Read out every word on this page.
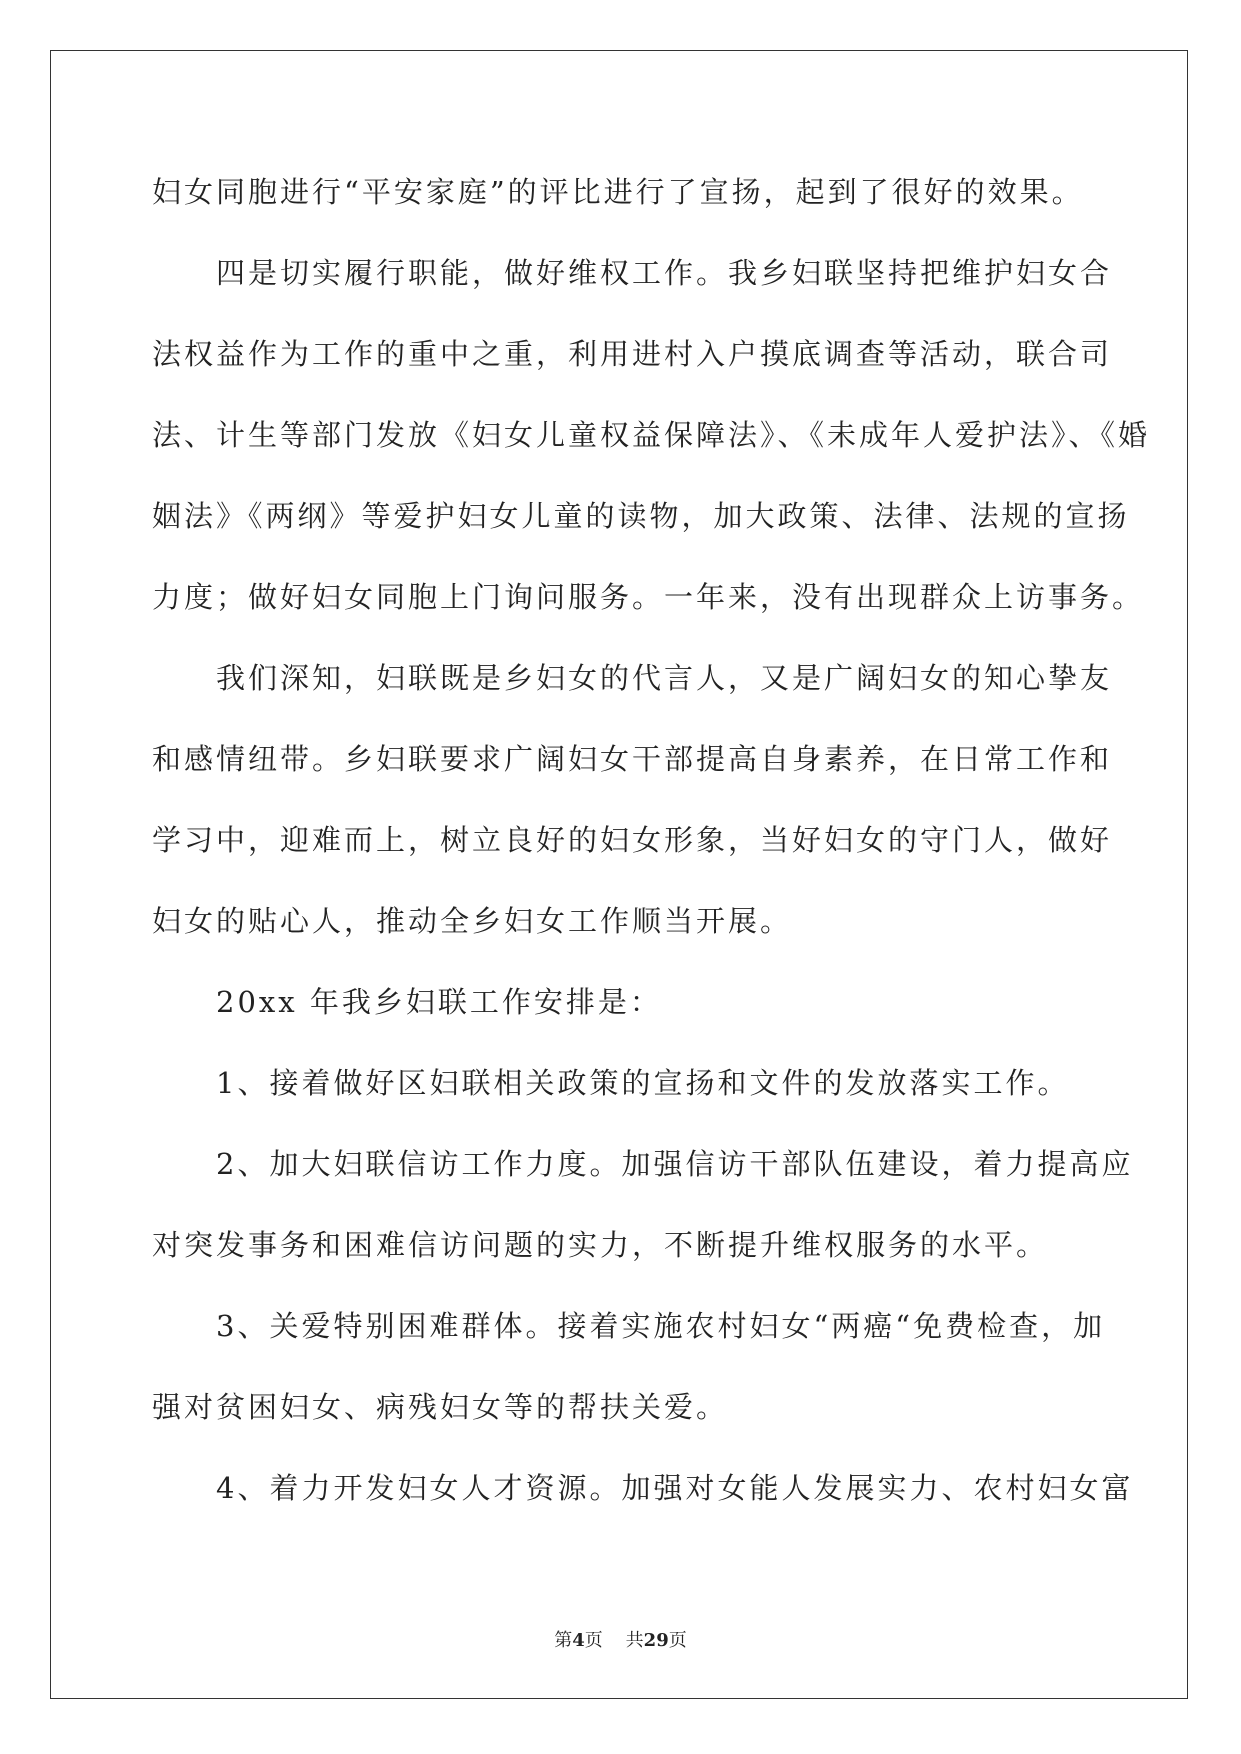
妇女同胞进行“平安家庭”的评比进行了宣扬，起到了很好的效果。
四是切实履行职能，做好维权工作。我乡妇联坚持把维护妇女合
法权益作为工作的重中之重，利用进村入户摸底调查等活动，联合司
法、计生等部门发放《妇女儿童权益保障法》、《未成年人爱护法》、《婚
姻法》《两纲》等爱护妇女儿童的读物，加大政策、法律、法规的宣扬
力度；做好妇女同胞上门询问服务。一年来，没有出现群众上访事务。
我们深知，妇联既是乡妇女的代言人，又是广阔妇女的知心挚友
和感情纽带。乡妇联要求广阔妇女干部提高自身素养，在日常工作和
学习中，迎难而上，树立良好的妇女形象，当好妇女的守门人，做好
妇女的贴心人，推动全乡妇女工作顺当开展。
20xx 年我乡妇联工作安排是：
1、接着做好区妇联相关政策的宣扬和文件的发放落实工作。
2、加大妇联信访工作力度。加强信访干部队伍建设，着力提高应
对突发事务和困难信访问题的实力，不断提升维权服务的水平。
3、关爱特别困难群体。接着实施农村妇女“两癌“免费检查，加
强对贫困妇女、病残妇女等的帮扶关爱。
4、着力开发妇女人才资源。加强对女能人发展实力、农村妇女富
第4页 共29页
